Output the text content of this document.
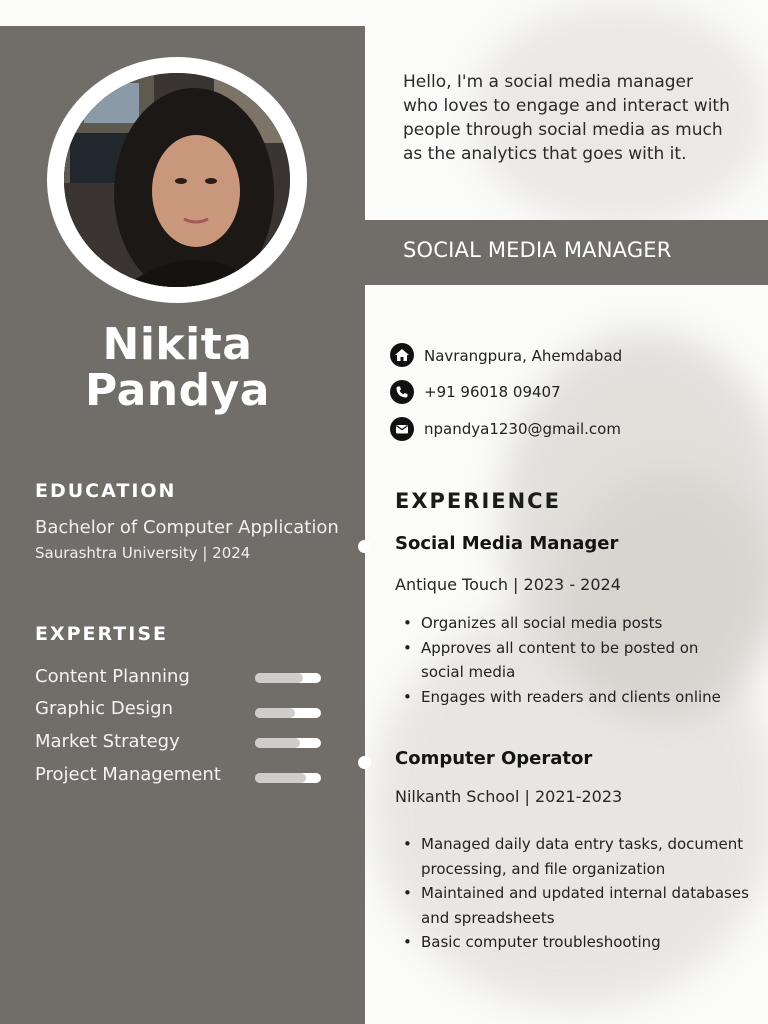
Nikita
Pandya
EDUCATION
Bachelor of Computer Application
Saurashtra University | 2024
EXPERTISE
Content Planning
Graphic Design
Market Strategy
Project Management
Hello, I'm a social media manager who loves to engage and interact with people through social media as much as the analytics that goes with it.
SOCIAL MEDIA MANAGER
Navrangpura, Ahemdabad
+91 96018 09407
npandya1230@gmail.com
EXPERIENCE
Social Media Manager
Antique Touch | 2023 - 2024
• Organizes all social media posts
• Approves all content to be posted on social media
• Engages with readers and clients online
Computer Operator
Nilkanth School | 2021-2023
• Managed daily data entry tasks, document processing, and file organization
• Maintained and updated internal databases and spreadsheets
• Basic computer troubleshooting
